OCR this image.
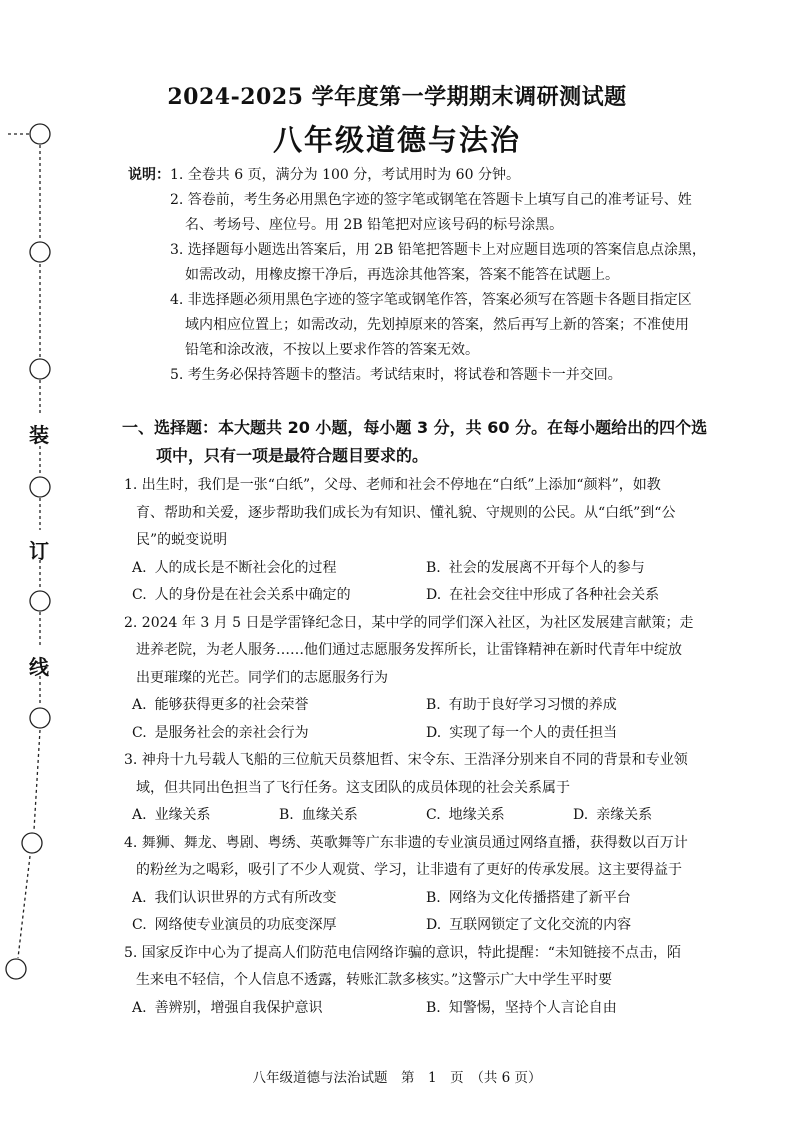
装
订
线
2024-2025 学年度第一学期期末调研测试题
八年级道德与法治
说明： 1. 全卷共 6 页，满分为 100 分，考试用时为 60 分钟。
2. 答卷前，考生务必用黑色字迹的签字笔或钢笔在答题卡上填写自己的准考证号、姓
名、考场号、座位号。用 2B 铅笔把对应该号码的标号涂黑。
3. 选择题每小题选出答案后，用 2B 铅笔把答题卡上对应题目选项的答案信息点涂黑，
如需改动，用橡皮擦干净后，再选涂其他答案，答案不能答在试题上。
4. 非选择题必须用黑色字迹的签字笔或钢笔作答，答案必须写在答题卡各题目指定区
域内相应位置上；如需改动，先划掉原来的答案，然后再写上新的答案；不准使用
铅笔和涂改液，不按以上要求作答的答案无效。
5. 考生务必保持答题卡的整洁。考试结束时，将试卷和答题卡一并交回。
一、选择题：本大题共 20 小题，每小题 3 分，共 60 分。在每小题给出的四个选
项中，只有一项是最符合题目要求的。
1. 出生时，我们是一张“白纸”，父母、老师和社会不停地在“白纸”上添加“颜料”，如教
育、帮助和关爱，逐步帮助我们成长为有知识、懂礼貌、守规则的公民。从“白纸”到“公
民”的蜕变说明
A. 人的成长是不断社会化的过程	B. 社会的发展离不开每个人的参与
C. 人的身份是在社会关系中确定的	D. 在社会交往中形成了各种社会关系
2. 2024 年 3 月 5 日是学雷锋纪念日，某中学的同学们深入社区，为社区发展建言献策；走
进养老院，为老人服务……他们通过志愿服务发挥所长，让雷锋精神在新时代青年中绽放
出更璀璨的光芒。同学们的志愿服务行为
A. 能够获得更多的社会荣誉	B. 有助于良好学习习惯的养成
C. 是服务社会的亲社会行为	D. 实现了每一个人的责任担当
3. 神舟十九号载人飞船的三位航天员蔡旭哲、宋令东、王浩泽分别来自不同的背景和专业领
域，但共同出色担当了飞行任务。这支团队的成员体现的社会关系属于
A. 业缘关系	B. 血缘关系	C. 地缘关系	D. 亲缘关系
4. 舞狮、舞龙、粤剧、粤绣、英歌舞等广东非遗的专业演员通过网络直播，获得数以百万计
的粉丝为之喝彩，吸引了不少人观赏、学习，让非遗有了更好的传承发展。这主要得益于
A. 我们认识世界的方式有所改变	B. 网络为文化传播搭建了新平台
C. 网络使专业演员的功底变深厚	D. 互联网锁定了文化交流的内容
5. 国家反诈中心为了提高人们防范电信网络诈骗的意识，特此提醒：“未知链接不点击，陌
生来电不轻信，个人信息不透露，转账汇款多核实。”这警示广大中学生平时要
A. 善辨别，增强自我保护意识	B. 知警惕，坚持个人言论自由
八年级道德与法治试题　第　1　页　（共 6 页）
